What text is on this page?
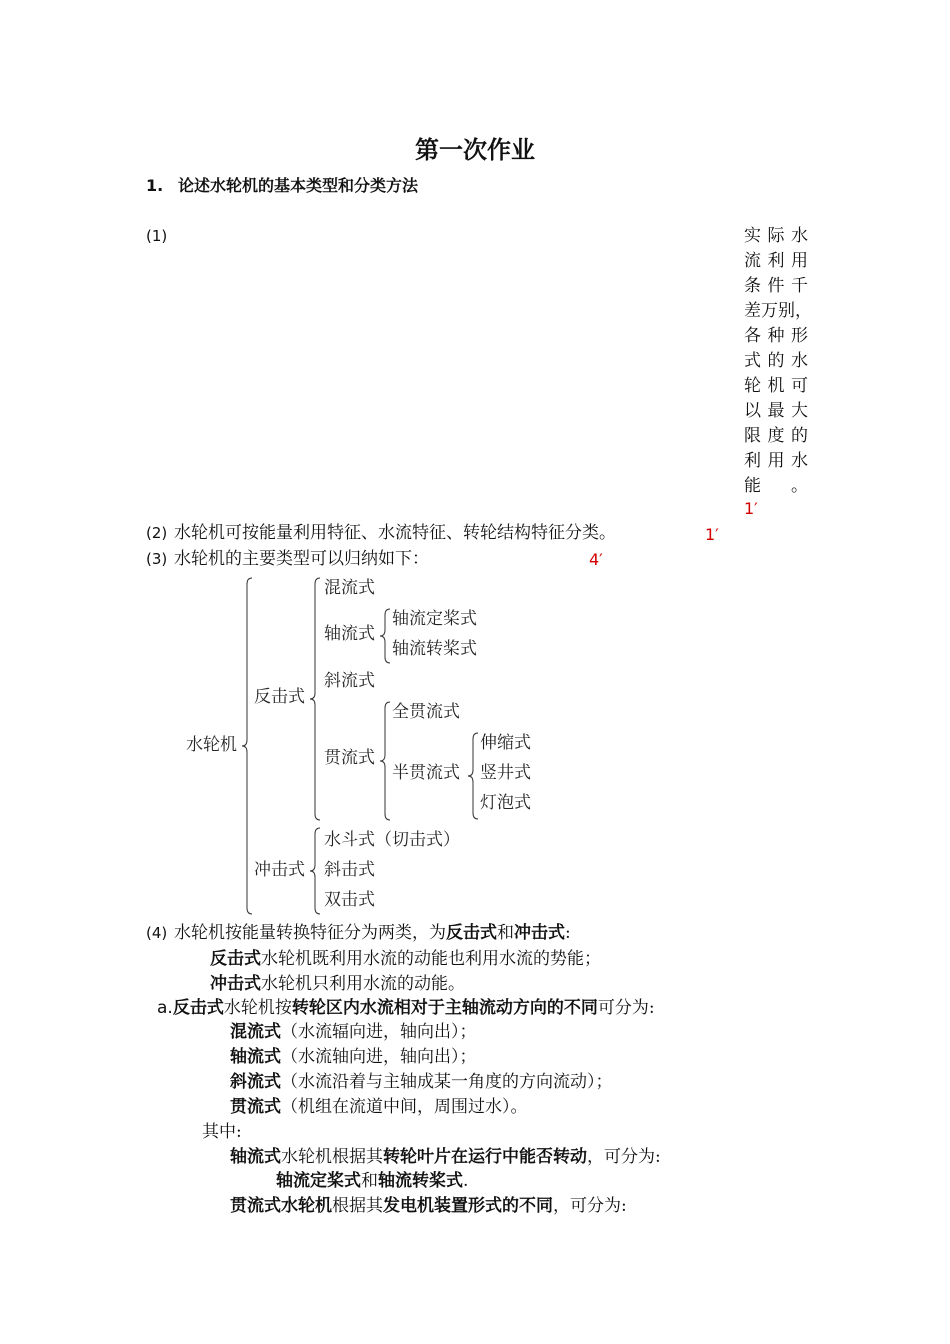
第一次作业
1. 论述水轮机的基本类型和分类方法
(1)	实 际 水
流 利 用
条 件 千
差 万 别 ，
各 种 形
式 的 水
轮 机 可
以 最 大
限 度 的
利 用 水
能
　 。
1′
(2) 水轮机可按能量利用特征、水流特征、转轮结构特征分类。	1′
(3) 水轮机的主要类型可以归纳如下：	4′
水轮机
反击式
冲击式
混流式
轴流式
斜流式
贯流式
轴流定桨式
轴流转桨式
全贯流式
半贯流式
伸缩式
竖井式
灯泡式
水斗式（切击式）
斜击式
双击式
(4) 水轮机按能量转换特征分为两类，为反击式和冲击式:
反击式水轮机既利用水流的动能也利用水流的势能；
冲击式水轮机只利用水流的动能。
a.反击式水轮机按转轮区内水流相对于主轴流动方向的不同可分为:
混流式（水流辐向进，轴向出）；
轴流式（水流轴向进，轴向出）；
斜流式（水流沿着与主轴成某一角度的方向流动）；
贯流式（机组在流道中间，周围过水）。
其中:
轴流式水轮机根据其转轮叶片在运行中能否转动，可分为:
轴流定桨式和轴流转桨式.
贯流式水轮机根据其发电机装置形式的不同，可分为:
